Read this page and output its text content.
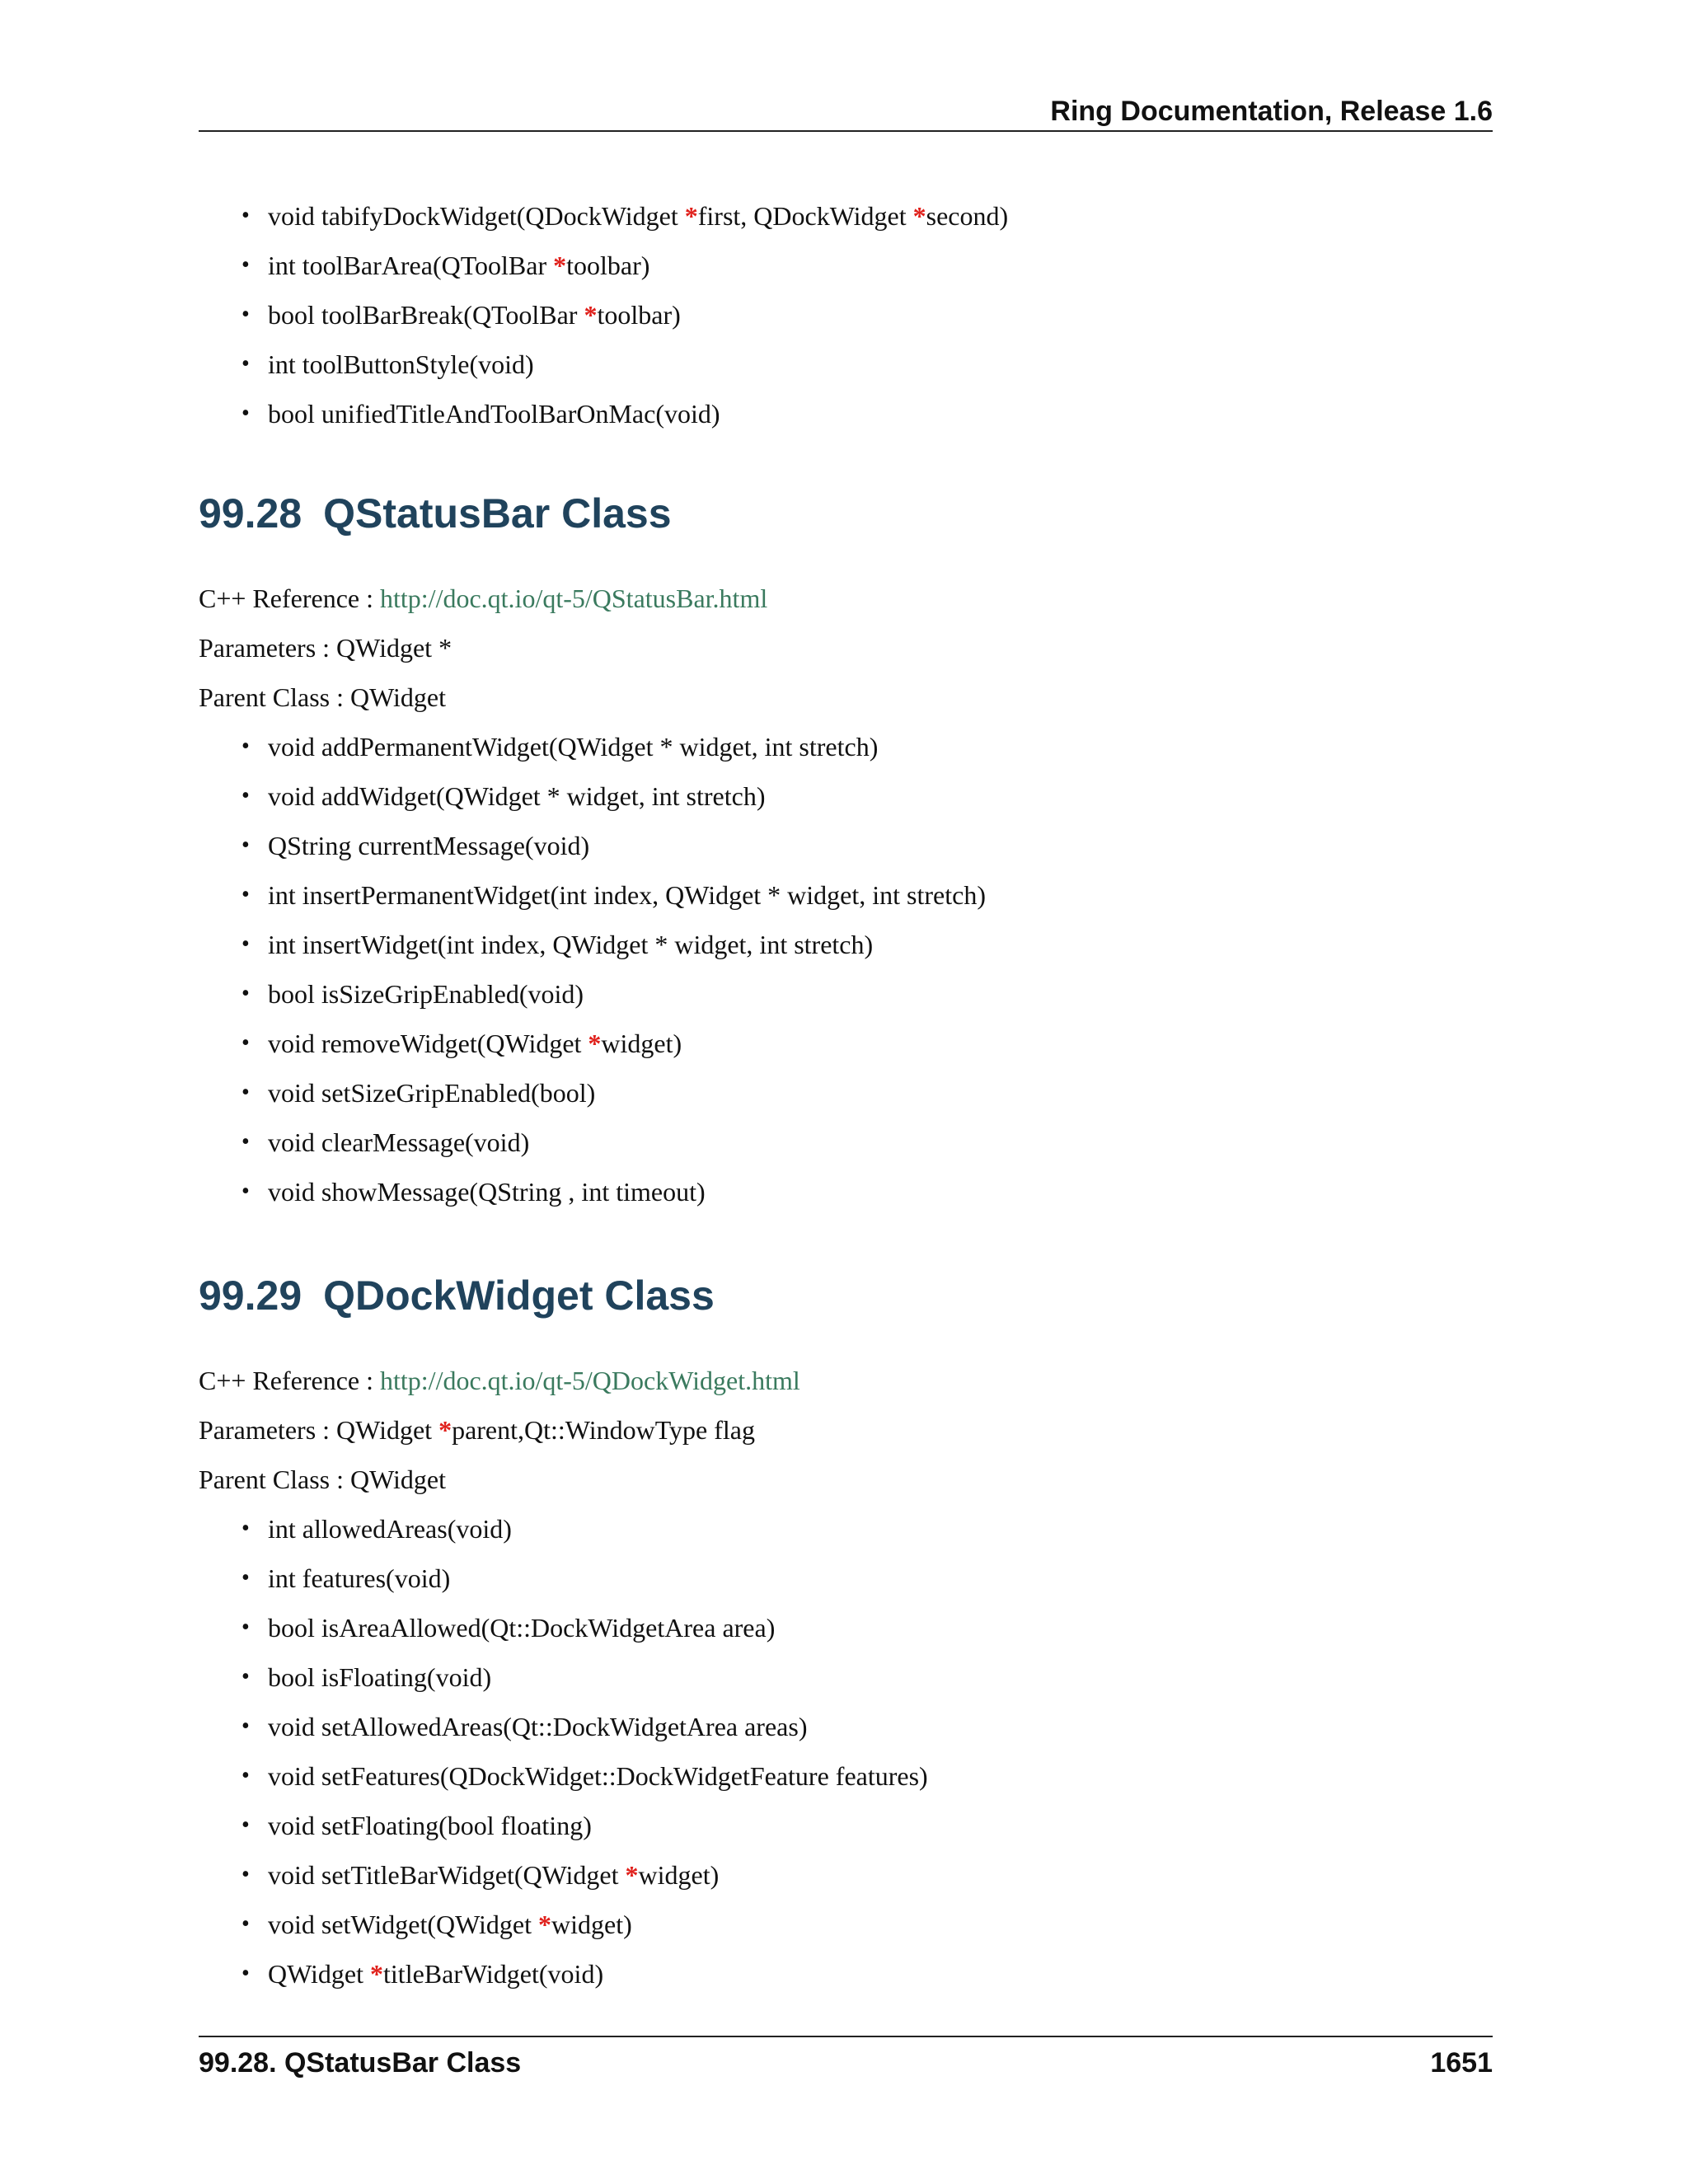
Ring Documentation, Release 1.6
• void tabifyDockWidget(QDockWidget *first, QDockWidget *second)
• int toolBarArea(QToolBar *toolbar)
• bool toolBarBreak(QToolBar *toolbar)
• int toolButtonStyle(void)
• bool unifiedTitleAndToolBarOnMac(void)
99.28 QStatusBar Class
C++ Reference : http://doc.qt.io/qt-5/QStatusBar.html
Parameters : QWidget *
Parent Class : QWidget
• void addPermanentWidget(QWidget * widget, int stretch)
• void addWidget(QWidget * widget, int stretch)
• QString currentMessage(void)
• int insertPermanentWidget(int index, QWidget * widget, int stretch)
• int insertWidget(int index, QWidget * widget, int stretch)
• bool isSizeGripEnabled(void)
• void removeWidget(QWidget *widget)
• void setSizeGripEnabled(bool)
• void clearMessage(void)
• void showMessage(QString , int timeout)
99.29 QDockWidget Class
C++ Reference : http://doc.qt.io/qt-5/QDockWidget.html
Parameters : QWidget *parent,Qt::WindowType flag
Parent Class : QWidget
• int allowedAreas(void)
• int features(void)
• bool isAreaAllowed(Qt::DockWidgetArea area)
• bool isFloating(void)
• void setAllowedAreas(Qt::DockWidgetArea areas)
• void setFeatures(QDockWidget::DockWidgetFeature features)
• void setFloating(bool floating)
• void setTitleBarWidget(QWidget *widget)
• void setWidget(QWidget *widget)
• QWidget *titleBarWidget(void)
99.28. QStatusBar Class	1651
